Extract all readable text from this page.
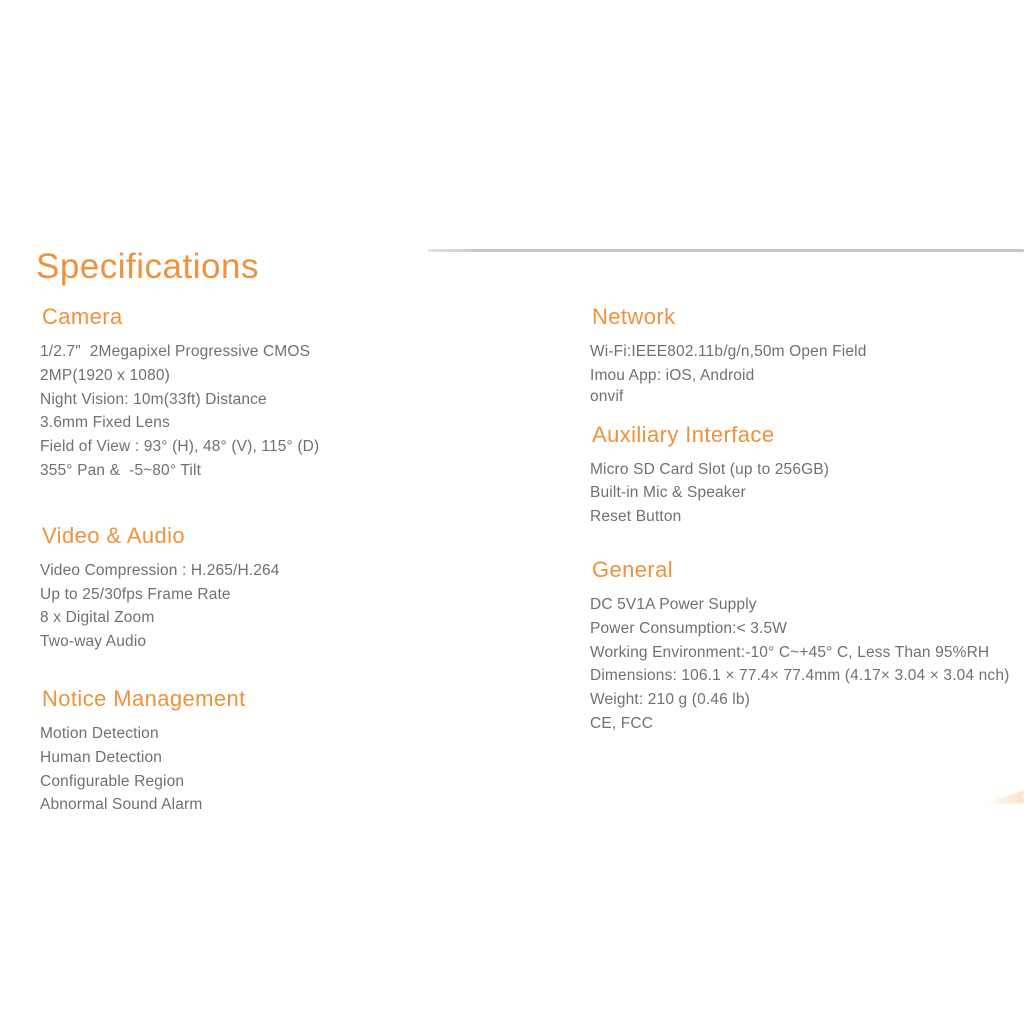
Specifications
Camera
1/2.7"  2Megapixel Progressive CMOS
2MP(1920 x 1080)
Night Vision: 10m(33ft) Distance
3.6mm Fixed Lens
Field of View : 93° (H), 48° (V), 115° (D)
355° Pan &  -5~80° Tilt
Video & Audio
Video Compression : H.265/H.264
Up to 25/30fps Frame Rate
8 x Digital Zoom
Two-way Audio
Notice Management
Motion Detection
Human Detection
Configurable Region
Abnormal Sound Alarm
Network
Wi-Fi:IEEE802.11b/g/n,50m Open Field
Imou App: iOS, Android
onvif
Auxiliary Interface
Micro SD Card Slot (up to 256GB)
Built-in Mic & Speaker
Reset Button
General
DC 5V1A Power Supply
Power Consumption:< 3.5W
Working Environment:-10° C~+45° C, Less Than 95%RH
Dimensions: 106.1 × 77.4× 77.4mm (4.17× 3.04 × 3.04 nch)
Weight: 210 g (0.46 lb)
CE, FCC
